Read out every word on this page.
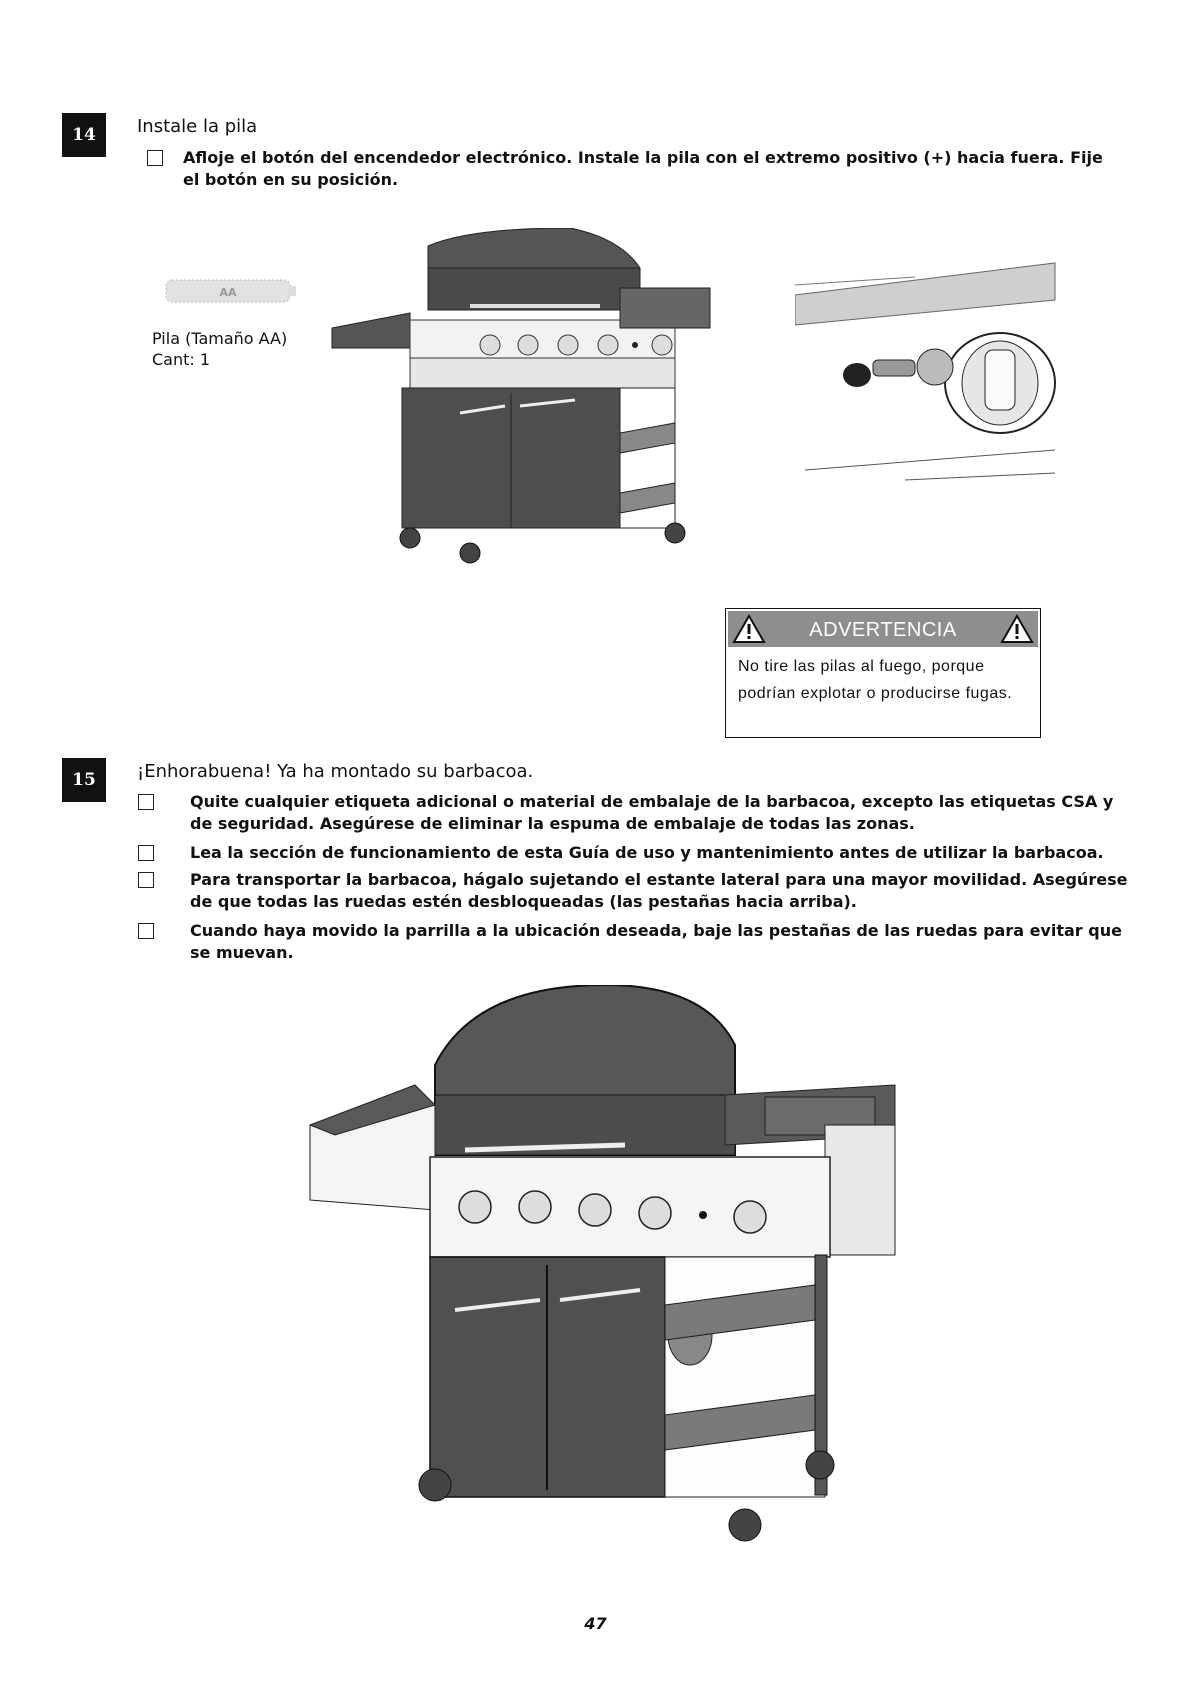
14	Instale la pila
Afloje el botón del encendedor electrónico. Instale la pila con el extremo positivo (+) hacia fuera. Fije el botón en su posición.
AA
Pila (Tamaño AA)
Cant: 1
ADVERTENCIA
No tire las pilas al fuego, porque podrían explotar o producirse fugas.
15	¡Enhorabuena! Ya ha montado su barbacoa.
Quite cualquier etiqueta adicional o material de embalaje de la barbacoa, excepto las etiquetas CSA y de seguridad. Asegúrese de eliminar la espuma de embalaje de todas las zonas.
Lea la sección de funcionamiento de esta Guía de uso y mantenimiento antes de utilizar la barbacoa.
Para transportar la barbacoa, hágalo sujetando el estante lateral para una mayor movilidad. Asegúrese de que todas las ruedas estén desbloqueadas (las pestañas hacia arriba).
Cuando haya movido la parrilla a la ubicación deseada, baje las pestañas de las ruedas para evitar que se muevan.
47
